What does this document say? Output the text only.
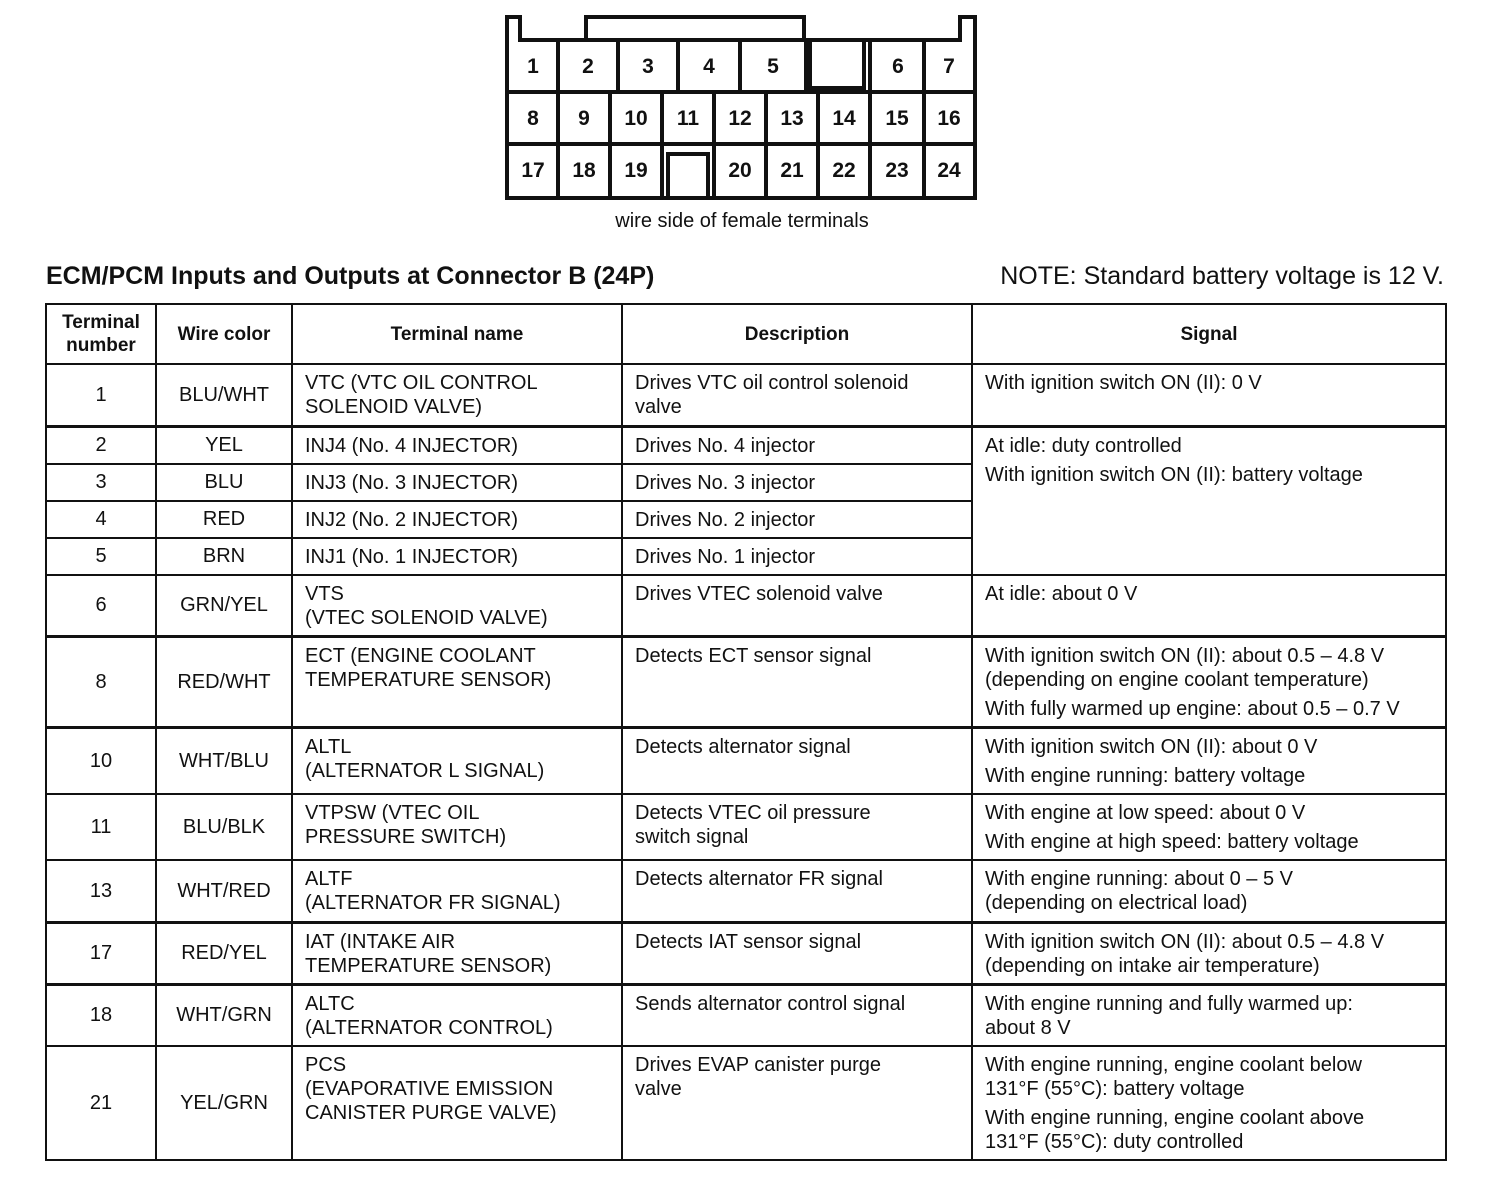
1 2 3 4 5	6 7
8 9 10 11 12 13 14 15 16
17 18 19	20 21 22 23 24
wire side of female terminals
ECM/PCM Inputs and Outputs at Connector B (24P)	NOTE: Standard battery voltage is 12 V.
Terminal
number	Wire color	Terminal name	Description	Signal
1	BLU/WHT	VTC (VTC OIL CONTROL
SOLENOID VALVE)	Drives VTC oil control solenoid
valve	With ignition switch ON (II): 0 V

2	YEL	INJ4 (No. 4 INJECTOR)	Drives No. 4 injector	At idle: duty controlled
With ignition switch ON (II): battery voltage

3	BLU	INJ3 (No. 3 INJECTOR)	Drives No. 3 injector	
4	RED	INJ2 (No. 2 INJECTOR)	Drives No. 2 injector	
5	BRN	INJ1 (No. 1 INJECTOR)	Drives No. 1 injector	
6	GRN/YEL	VTS
(VTEC SOLENOID VALVE)	Drives VTEC solenoid valve	At idle: about 0 V

8	RED/WHT	ECT (ENGINE COOLANT
TEMPERATURE SENSOR)	Detects ECT sensor signal	With ignition switch ON (II): about 0.5 – 4.8 V
(depending on engine coolant temperature)
With fully warmed up engine: about 0.5 – 0.7 V

10	WHT/BLU	ALTL
(ALTERNATOR L SIGNAL)	Detects alternator signal	With ignition switch ON (II): about 0 V
With engine running: battery voltage

11	BLU/BLK	VTPSW (VTEC OIL
PRESSURE SWITCH)	Detects VTEC oil pressure
switch signal	With engine at low speed: about 0 V
With engine at high speed: battery voltage

13	WHT/RED	ALTF
(ALTERNATOR FR SIGNAL)	Detects alternator FR signal	With engine running: about 0 – 5 V
(depending on electrical load)

17	RED/YEL	IAT (INTAKE AIR
TEMPERATURE SENSOR)	Detects IAT sensor signal	With ignition switch ON (II): about 0.5 – 4.8 V
(depending on intake air temperature)

18	WHT/GRN	ALTC
(ALTERNATOR CONTROL)	Sends alternator control signal	With engine running and fully warmed up:
about 8 V

21	YEL/GRN	PCS
(EVAPORATIVE EMISSION
CANISTER PURGE VALVE)	Drives EVAP canister purge
valve	With engine running, engine coolant below
131°F (55°C): battery voltage
With engine running, engine coolant above
131°F (55°C): duty controlled
